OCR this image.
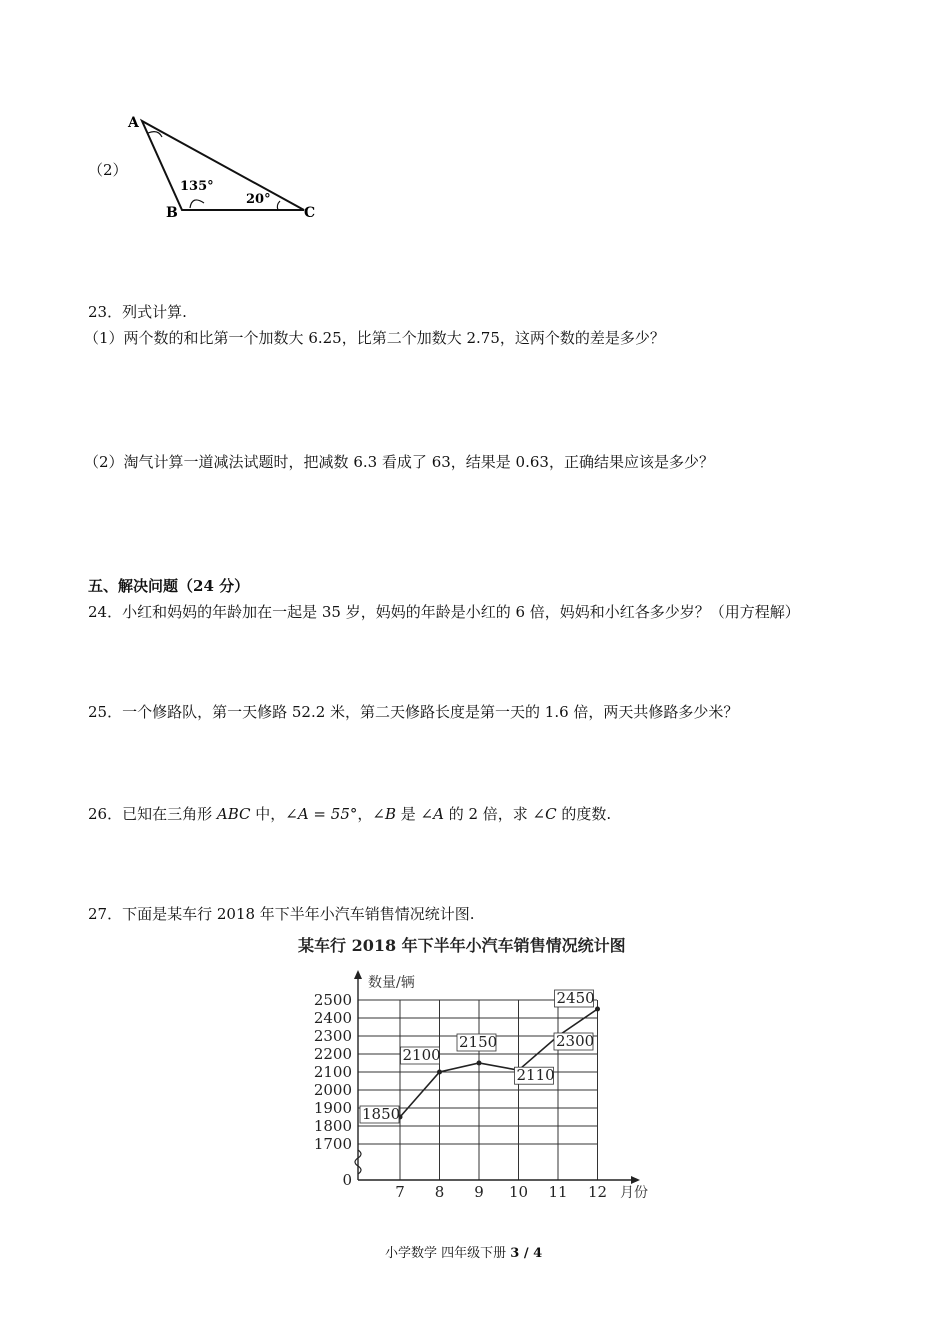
（2）
A
B	C
135°
20°
23．列式计算.
（1）两个数的和比第一个加数大 6.25，比第二个加数大 2.75，这两个数的差是多少？
（2）淘气计算一道减法试题时，把减数 6.3 看成了 63，结果是 0.63，正确结果应该是多少？
五、解决问题（24 分）
24．小红和妈妈的年龄加在一起是 35 岁，妈妈的年龄是小红的 6 倍，妈妈和小红各多少岁？（用方程解）
25．一个修路队，第一天修路 52.2 米，第二天修路长度是第一天的 1.6 倍，两天共修路多少米？
26．已知在三角形 ABC 中，∠A = 55°，∠B 是 ∠A 的 2 倍，求 ∠C 的度数.
27．下面是某车行 2018 年下半年小汽车销售情况统计图.
某车行 2018 年下半年小汽车销售情况统计图
2500
2400
2300
2200
2100
2000
1900
1800
1700
0
7 8 9 10 11 12
数量/辆
月份
1850
2100
2150
2110
2300
2450
小学数学 四年级下册 3 / 4
